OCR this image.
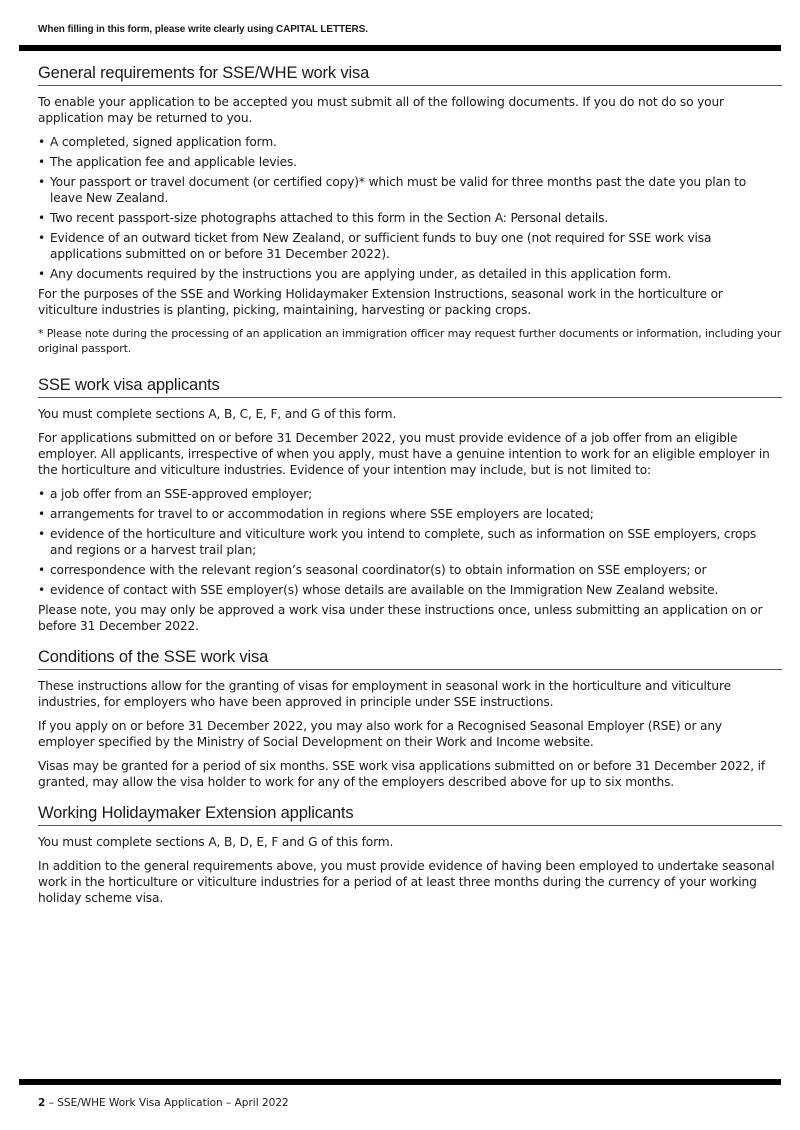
When filling in this form, please write clearly using CAPITAL LETTERS.
General requirements for SSE/WHE work visa

To enable your application to be accepted you must submit all of the following documents. If you do not do so your application may be returned to you.

• A completed, signed application form.
• The application fee and applicable levies.
• Your passport or travel document (or certified copy)* which must be valid for three months past the date you plan to leave New Zealand.
• Two recent passport-size photographs attached to this form in the Section A: Personal details.
• Evidence of an outward ticket from New Zealand, or sufficient funds to buy one (not required for SSE work visa applications submitted on or before 31 December 2022).
• Any documents required by the instructions you are applying under, as detailed in this application form.

For the purposes of the SSE and Working Holidaymaker Extension Instructions, seasonal work in the horticulture or viticulture industries is planting, picking, maintaining, harvesting or packing crops.

* Please note during the processing of an application an immigration officer may request further documents or information, including your original passport.

SSE work visa applicants

You must complete sections A, B, C, E, F, and G of this form.

For applications submitted on or before 31 December 2022, you must provide evidence of a job offer from an eligible employer. All applicants, irrespective of when you apply, must have a genuine intention to work for an eligible employer in the horticulture and viticulture industries. Evidence of your intention may include, but is not limited to:

• a job offer from an SSE-approved employer;
• arrangements for travel to or accommodation in regions where SSE employers are located;
• evidence of the horticulture and viticulture work you intend to complete, such as information on SSE employers, crops and regions or a harvest trail plan;
• correspondence with the relevant region’s seasonal coordinator(s) to obtain information on SSE employers; or
• evidence of contact with SSE employer(s) whose details are available on the Immigration New Zealand website.

Please note, you may only be approved a work visa under these instructions once, unless submitting an application on or before 31 December 2022.

Conditions of the SSE work visa

These instructions allow for the granting of visas for employment in seasonal work in the horticulture and viticulture industries, for employers who have been approved in principle under SSE instructions.

If you apply on or before 31 December 2022, you may also work for a Recognised Seasonal Employer (RSE) or any employer specified by the Ministry of Social Development on their Work and Income website.

Visas may be granted for a period of six months. SSE work visa applications submitted on or before 31 December 2022, if granted, may allow the visa holder to work for any of the employers described above for up to six months.

Working Holidaymaker Extension applicants

You must complete sections A, B, D, E, F and G of this form.

In addition to the general requirements above, you must provide evidence of having been employed to undertake seasonal work in the horticulture or viticulture industries for a period of at least three months during the currency of your working holiday scheme visa.

2 – SSE/WHE Work Visa Application – April 2022
